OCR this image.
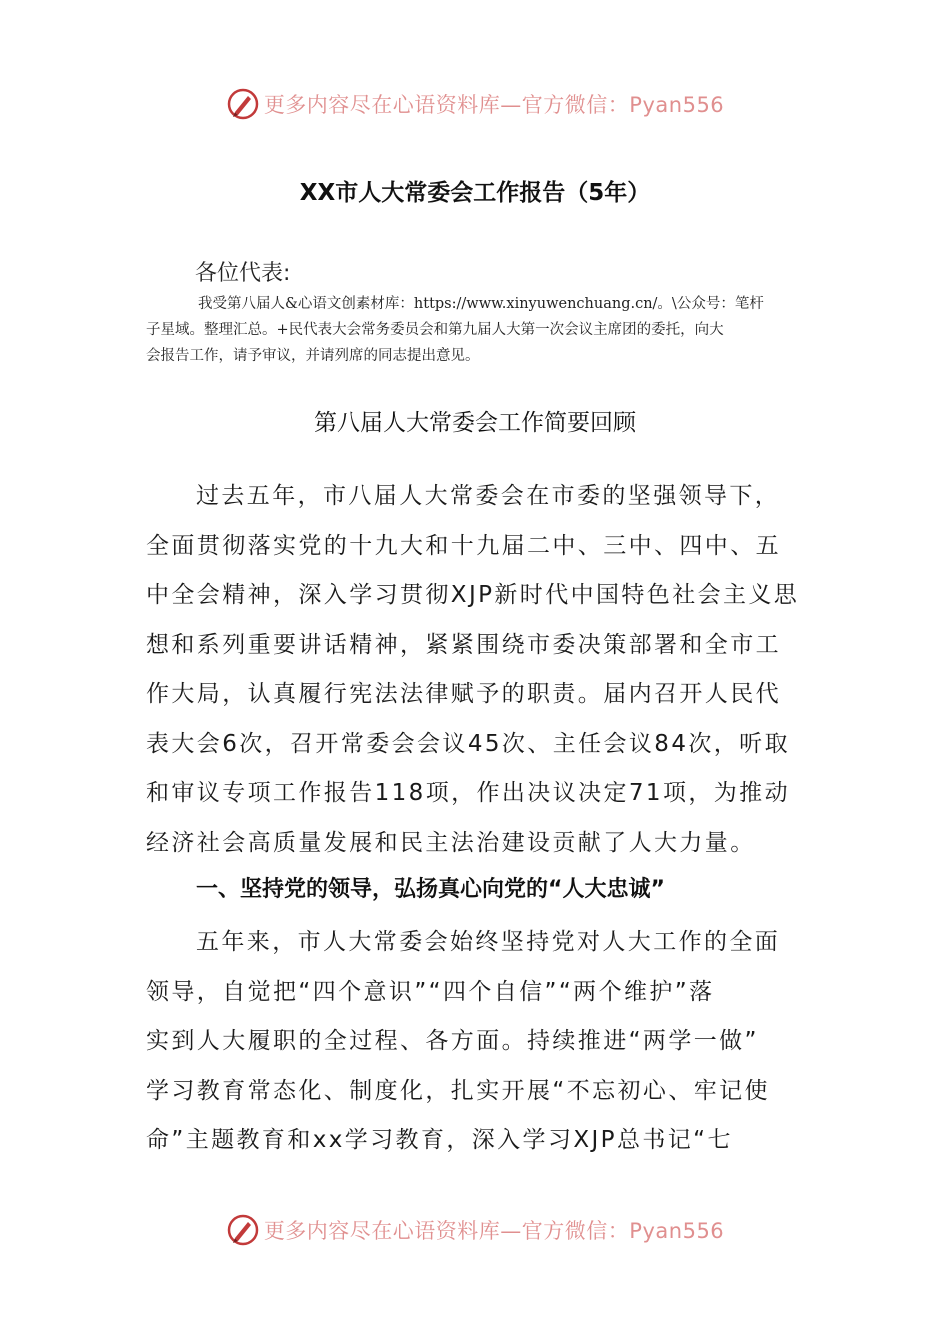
更多内容尽在心语资料库—官方微信：Pyan556
XX市人大常委会工作报告（5年）
各位代表:
我受第八届人&心语文创素材库：https://www.xinyuwenchuang.cn/。\公众号：笔杆
子星域。整理汇总。+民代表大会常务委员会和第九届人大第一次会议主席团的委托，向大
会报告工作，请予审议，并请列席的同志提出意见。
第八届人大常委会工作简要回顾
过去五年，市八届人大常委会在市委的坚强领导下，
全面贯彻落实党的十九大和十九届二中、三中、四中、五
中全会精神，深入学习贯彻XJP新时代中国特色社会主义思
想和系列重要讲话精神，紧紧围绕市委决策部署和全市工
作大局，认真履行宪法法律赋予的职责。届内召开人民代
表大会6次，召开常委会会议45次、主任会议84次，听取
和审议专项工作报告118项，作出决议决定71项，为推动
经济社会高质量发展和民主法治建设贡献了人大力量。
一、坚持党的领导，弘扬真心向党的“人大忠诚”
五年来，市人大常委会始终坚持党对人大工作的全面
领导，自觉把“四个意识”“四个自信”“两个维护”落
实到人大履职的全过程、各方面。持续推进“两学一做”
学习教育常态化、制度化，扎实开展“不忘初心、牢记使
命”主题教育和xx学习教育，深入学习XJP总书记“七
更多内容尽在心语资料库—官方微信：Pyan556
